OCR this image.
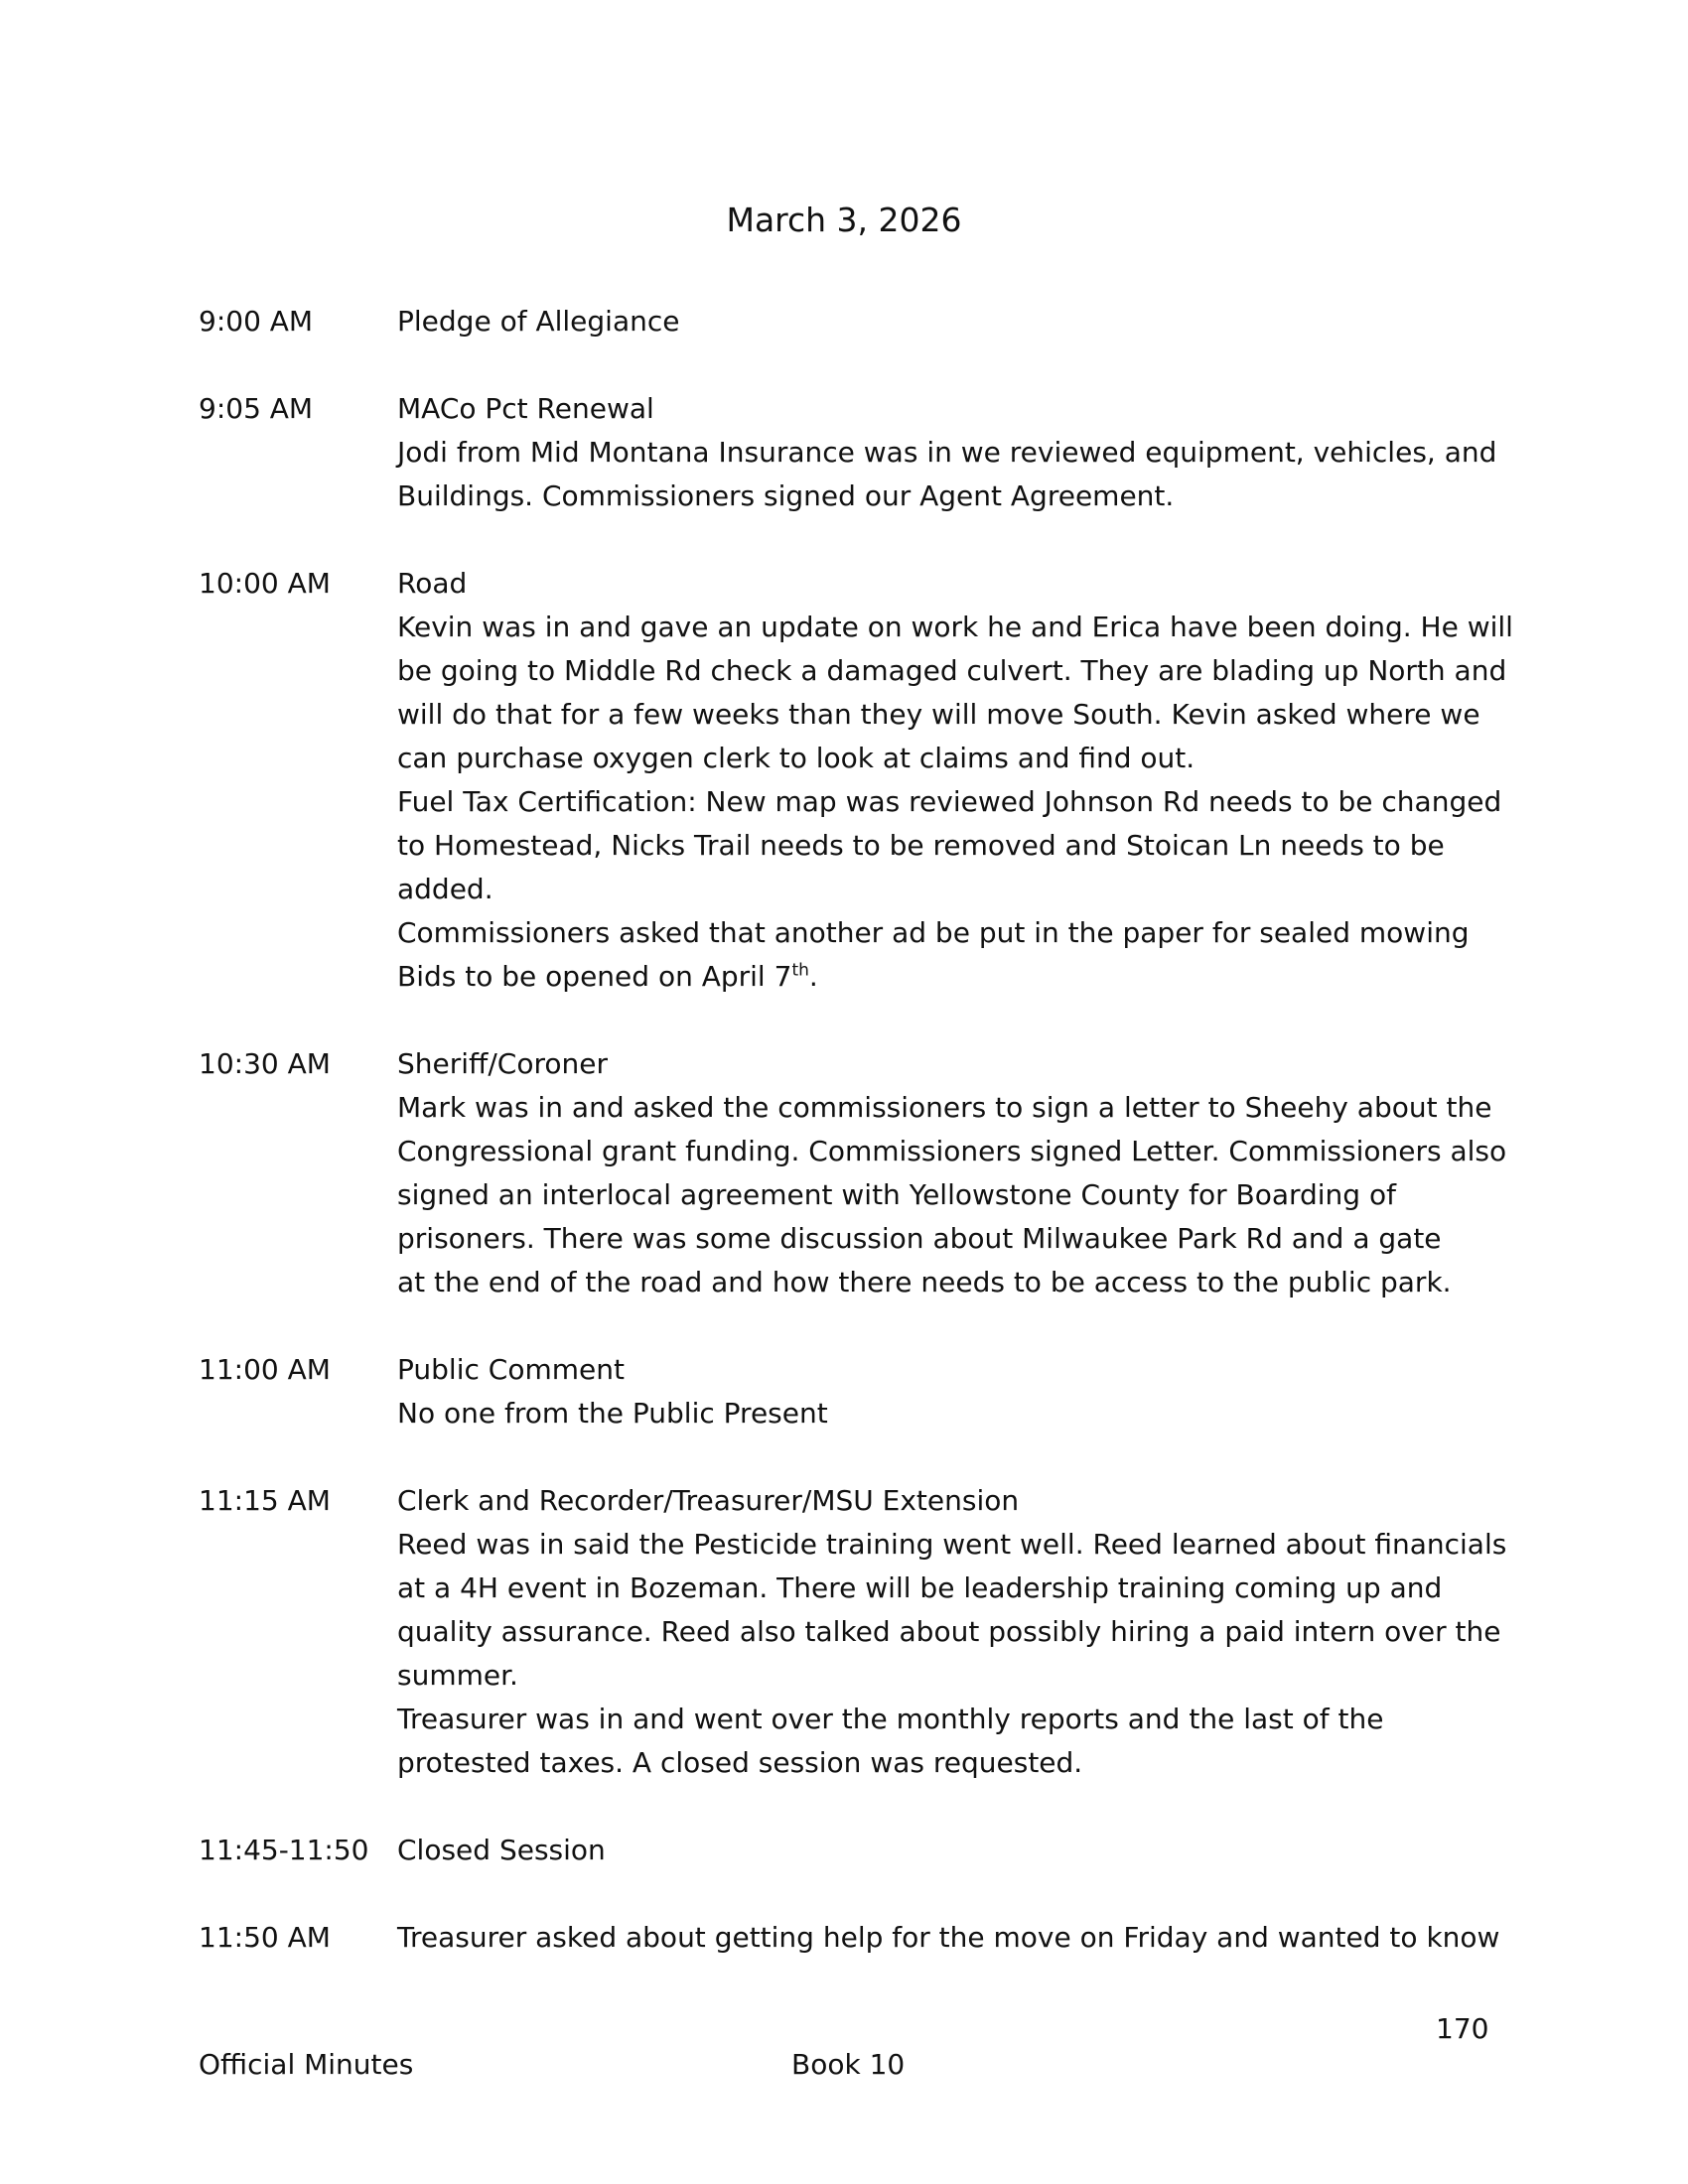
March 3, 2026
9:00 AM	Pledge of Allegiance
9:05 AM	MACo Pct Renewal
Jodi from Mid Montana Insurance was in we reviewed equipment, vehicles, and
Buildings. Commissioners signed our Agent Agreement.
10:00 AM	Road
Kevin was in and gave an update on work he and Erica have been doing. He will
be going to Middle Rd check a damaged culvert. They are blading up North and
will do that for a few weeks than they will move South. Kevin asked where we
can purchase oxygen clerk to look at claims and find out.
Fuel Tax Certification: New map was reviewed Johnson Rd needs to be changed
to Homestead, Nicks Trail needs to be removed and Stoican Ln needs to be
added.
Commissioners asked that another ad be put in the paper for sealed mowing
Bids to be opened on April 7th.
10:30 AM	Sheriff/Coroner
Mark was in and asked the commissioners to sign a letter to Sheehy about the
Congressional grant funding. Commissioners signed Letter. Commissioners also
signed an interlocal agreement with Yellowstone County for Boarding of
prisoners. There was some discussion about Milwaukee Park Rd and a gate
at the end of the road and how there needs to be access to the public park.
11:00 AM	Public Comment
No one from the Public Present
11:15 AM	Clerk and Recorder/Treasurer/MSU Extension
Reed was in said the Pesticide training went well. Reed learned about financials
at a 4H event in Bozeman. There will be leadership training coming up and
quality assurance. Reed also talked about possibly hiring a paid intern over the
summer.
Treasurer was in and went over the monthly reports and the last of the
protested taxes. A closed session was requested.
11:45-11:50	Closed Session
11:50 AM	Treasurer asked about getting help for the move on Friday and wanted to know
170
Official Minutes	Book 10
